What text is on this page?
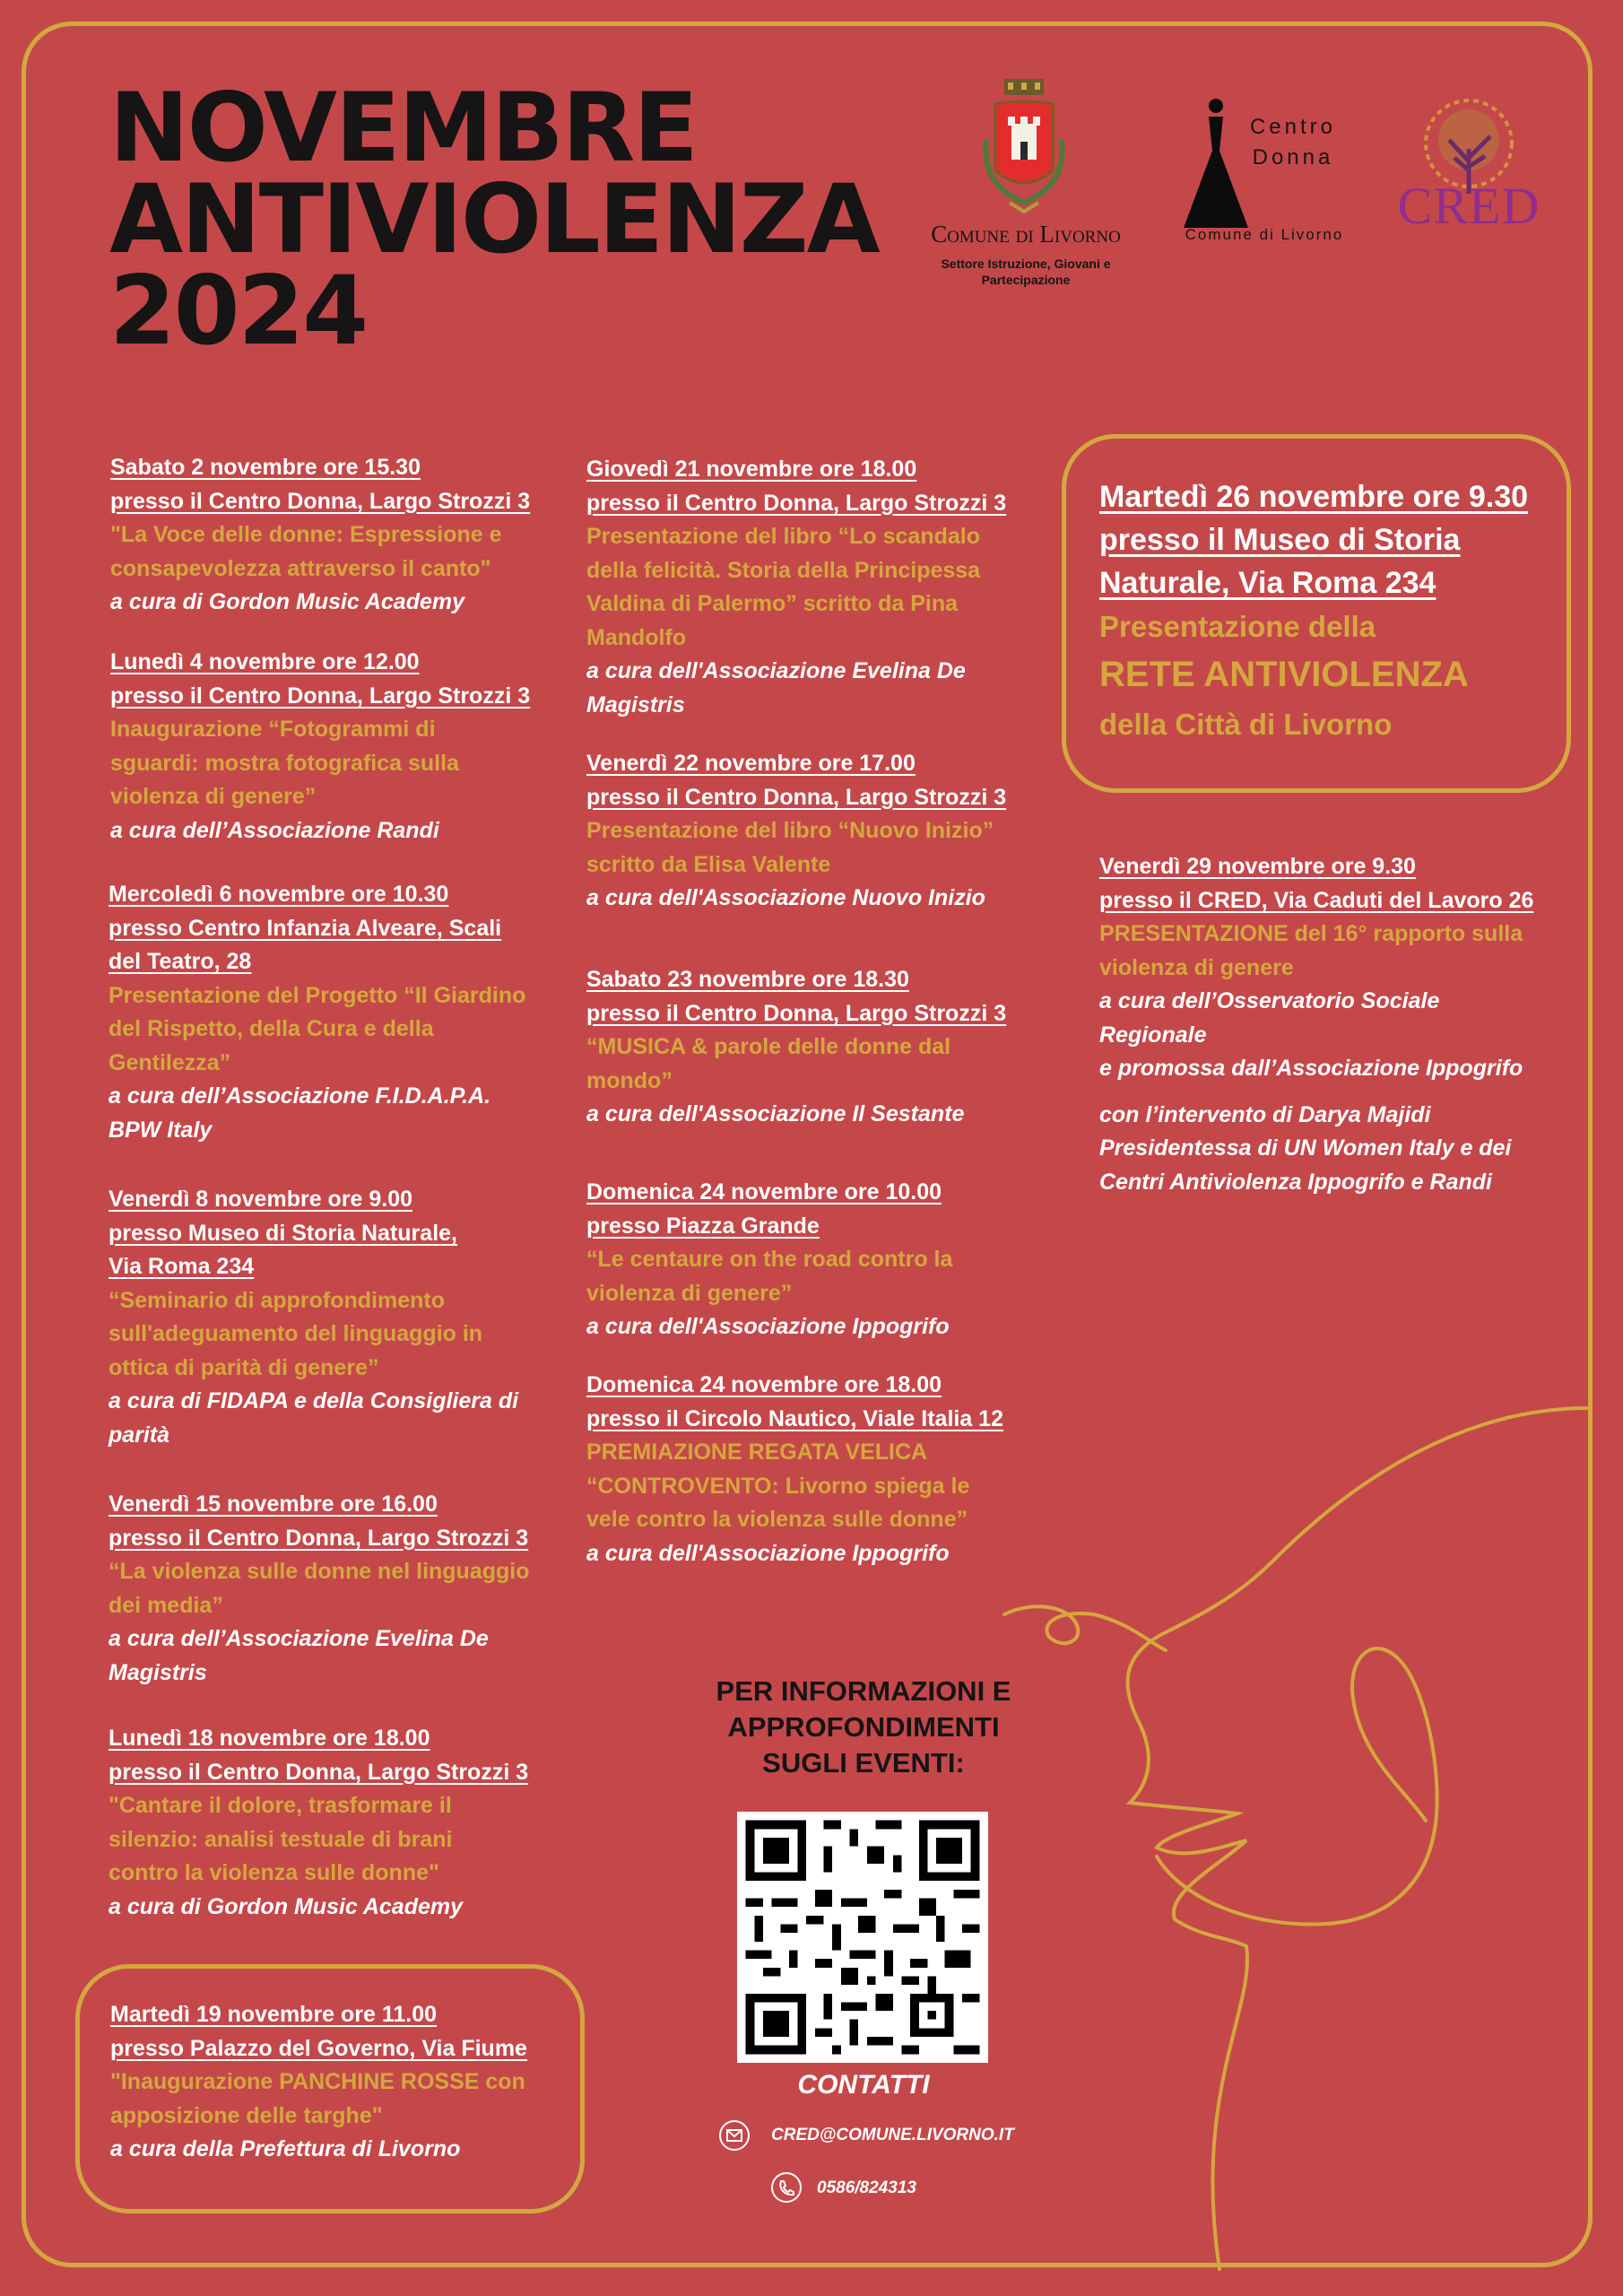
NOVEMBRE
ANTIVIOLENZA
2024
Comune di Livorno
Settore Istruzione, Giovani e
Partecipazione
Centro
Donna
Comune di Livorno	CRED
Sabato 2 novembre ore 15.30
presso il Centro Donna, Largo Strozzi 3
"La Voce delle donne: Espressione e
consapevolezza attraverso il canto"
a cura di Gordon Music Academy
Lunedì 4 novembre ore 12.00
presso il Centro Donna, Largo Strozzi 3
Inaugurazione “Fotogrammi di
sguardi: mostra fotografica sulla
violenza di genere”
a cura dell’Associazione Randi
Mercoledì 6 novembre ore 10.30
presso Centro Infanzia Alveare, Scali
del Teatro, 28
Presentazione del Progetto “Il Giardino
del Rispetto, della Cura e della
Gentilezza”
a cura dell’Associazione F.I.D.A.P.A.
BPW Italy
Venerdì 8 novembre ore 9.00
presso Museo di Storia Naturale,
Via Roma 234
“Seminario di approfondimento
sull'adeguamento del linguaggio in
ottica di parità di genere”
a cura di FIDAPA e della Consigliera di
parità
Venerdì 15 novembre ore 16.00
presso il Centro Donna, Largo Strozzi 3
“La violenza sulle donne nel linguaggio
dei media”
a cura dell’Associazione Evelina De
Magistris
Lunedì 18 novembre ore 18.00
presso il Centro Donna, Largo Strozzi 3
"Cantare il dolore, trasformare il
silenzio: analisi testuale di brani
contro la violenza sulle donne"
a cura di Gordon Music Academy
Martedì 19 novembre ore 11.00
presso Palazzo del Governo, Via Fiume
"Inaugurazione PANCHINE ROSSE con
apposizione delle targhe"
a cura della Prefettura di Livorno
Giovedì 21 novembre ore 18.00
presso il Centro Donna, Largo Strozzi 3
Presentazione del libro “Lo scandalo
della felicità. Storia della Principessa
Valdina di Palermo” scritto da Pina
Mandolfo
a cura dell'Associazione Evelina De
Magistris
Venerdì 22 novembre ore 17.00
presso il Centro Donna, Largo Strozzi 3
Presentazione del libro “Nuovo Inizio”
scritto da Elisa Valente
a cura dell'Associazione Nuovo Inizio
Sabato 23 novembre ore 18.30
presso il Centro Donna, Largo Strozzi 3
“MUSICA & parole delle donne dal
mondo”
a cura dell'Associazione Il Sestante
Domenica 24 novembre ore 10.00
presso Piazza Grande
“Le centaure on the road contro la
violenza di genere”
a cura dell'Associazione Ippogrifo
Domenica 24 novembre ore 18.00
presso il Circolo Nautico, Viale Italia 12
PREMIAZIONE REGATA VELICA
“CONTROVENTO: Livorno spiega le
vele contro la violenza sulle donne”
a cura dell'Associazione Ippogrifo
Martedì 26 novembre ore 9.30
presso il Museo di Storia
Naturale, Via Roma 234
Presentazione della
RETE ANTIVIOLENZA
della Città di Livorno
Venerdì 29 novembre ore 9.30
presso il CRED, Via Caduti del Lavoro 26
PRESENTAZIONE del 16° rapporto sulla
violenza di genere
a cura dell’Osservatorio Sociale
Regionale
e promossa dall’Associazione Ippogrifo
con l’intervento di Darya Majidi
Presidentessa di UN Women Italy e dei
Centri Antiviolenza Ippogrifo e Randi
PER INFORMAZIONI E
APPROFONDIMENTI
SUGLI EVENTI:
CONTATTI
CRED@COMUNE.LIVORNO.IT
0586/824313
